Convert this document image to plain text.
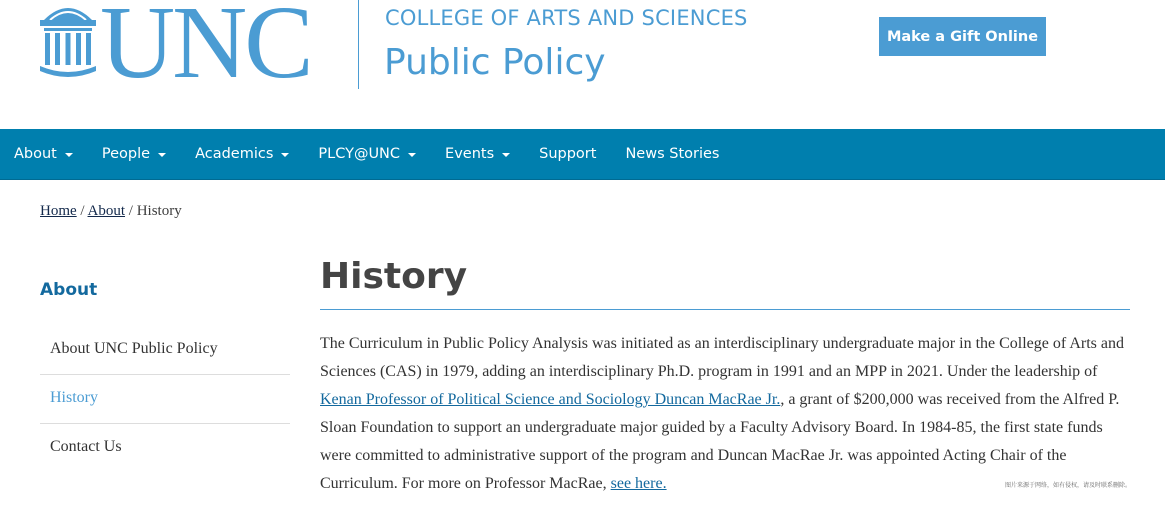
UNC	COLLEGE OF ARTS AND SCIENCES
Public Policy
Make a Gift Online
About	People	Academics	PLCY@UNC	Events	Support News Stories
Home / About / History
About
About UNC Public Policy
History
Contact Us
History

The Curriculum in Public Policy Analysis was initiated as an interdisciplinary undergraduate major in the College of Arts and Sciences (CAS) in 1979, adding an interdisciplinary Ph.D. program in 1991 and an MPP in 2021. Under the leadership of Kenan Professor of Political Science and Sociology Duncan MacRae Jr., a grant of $200,000 was received from the Alfred P. Sloan Foundation to support an undergraduate major guided by a Faculty Advisory Board. In 1984-85, the first state funds were committed to administrative support of the program and Duncan MacRae Jr. was appointed Acting Chair of the Curriculum. For more on Professor MacRae, see here.	图片来源于网络，如有侵权，请及时联系删除。
